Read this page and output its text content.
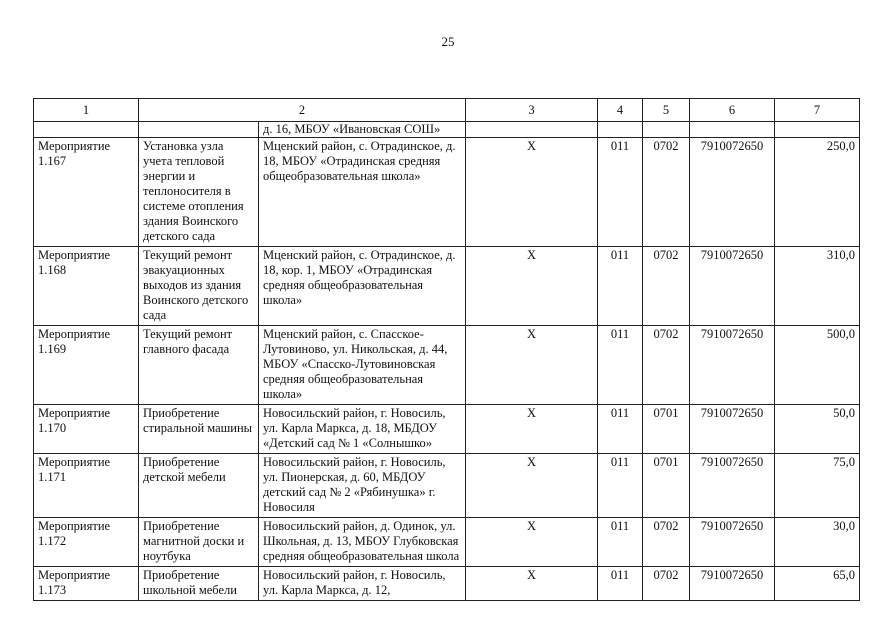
25
1	2		3	4	5	6	7
		д. 16, МБОУ «Ивановская СОШ»					
Мероприятие 1.167	Установка узла учета тепловой энергии и теплоносителя в системе отопления здания Воинского детского сада	Мценский район, с. Отрадинское, д. 18, МБОУ «Отрадинская средняя общеобразовательная школа»	Х	011	0702	7910072650	250,0
Мероприятие 1.168	Текущий ремонт эвакуационных выходов из здания Воинского детского сада	Мценский район, с. Отрадинское, д. 18, кор. 1, МБОУ «Отрадинская средняя общеобразовательная школа»	Х	011	0702	7910072650	310,0
Мероприятие 1.169	Текущий ремонт главного фасада	Мценский район, с. Спасское-Лутовиново, ул. Никольская, д. 44, МБОУ «Спасско-Лутовиновская средняя общеобразовательная школа»	Х	011	0702	7910072650	500,0
Мероприятие 1.170	Приобретение стиральной машины	Новосильский район, г. Новосиль, ул. Карла Маркса, д. 18, МБДОУ «Детский сад № 1 «Солнышко»	Х	011	0701	7910072650	50,0
Мероприятие 1.171	Приобретение детской мебели	Новосильский район, г. Новосиль, ул. Пионерская, д. 60, МБДОУ детский сад № 2 «Рябинушка» г. Новосиля	Х	011	0701	7910072650	75,0
Мероприятие 1.172	Приобретение магнитной доски и ноутбука	Новосильский район, д. Одинок, ул. Школьная, д. 13, МБОУ Глубковская средняя общеобразовательная школа	Х	011	0702	7910072650	30,0
Мероприятие 1.173	Приобретение школьной мебели	Новосильский район, г. Новосиль, ул. Карла Маркса, д. 12,	Х	011	0702	7910072650	65,0
